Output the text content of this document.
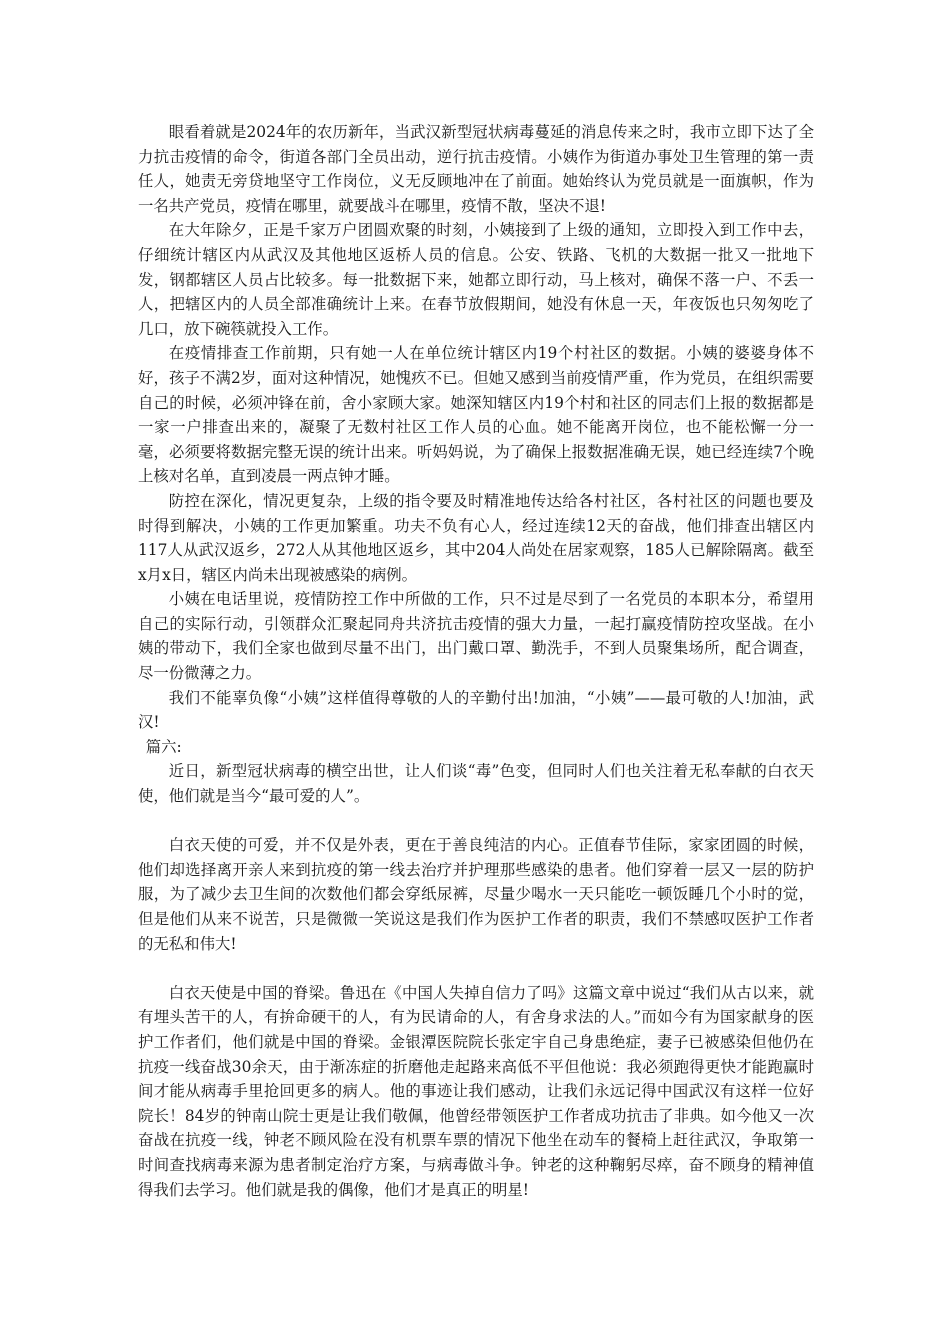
眼看着就是2024年的农历新年，当武汉新型冠状病毒蔓延的消息传来之时，我市立即下达了全力抗击疫情的命令，街道各部门全员出动，逆行抗击疫情。小姨作为街道办事处卫生管理的第一责任人，她责无旁贷地坚守工作岗位，义无反顾地冲在了前面。她始终认为党员就是一面旗帜，作为一名共产党员，疫情在哪里，就要战斗在哪里，疫情不散，坚决不退!

在大年除夕，正是千家万户团圆欢聚的时刻，小姨接到了上级的通知，立即投入到工作中去，仔细统计辖区内从武汉及其他地区返桥人员的信息。公安、铁路、飞机的大数据一批又一批地下发，钢都辖区人员占比较多。每一批数据下来，她都立即行动，马上核对，确保不落一户、不丢一人，把辖区内的人员全部准确统计上来。在春节放假期间，她没有休息一天，年夜饭也只匆匆吃了几口，放下碗筷就投入工作。

在疫情排查工作前期，只有她一人在单位统计辖区内19个村社区的数据。小姨的婆婆身体不好，孩子不满2岁，面对这种情况，她愧疚不已。但她又感到当前疫情严重，作为党员，在组织需要自己的时候，必须冲锋在前，舍小家顾大家。她深知辖区内19个村和社区的同志们上报的数据都是一家一户排查出来的，凝聚了无数村社区工作人员的心血。她不能离开岗位，也不能松懈一分一毫，必须要将数据完整无误的统计出来。听妈妈说，为了确保上报数据准确无误，她已经连续7个晚上核对名单，直到凌晨一两点钟才睡。

防控在深化，情况更复杂，上级的指令要及时精准地传达给各村社区，各村社区的问题也要及时得到解决，小姨的工作更加繁重。功夫不负有心人，经过连续12天的奋战，他们排查出辖区内117人从武汉返乡，272人从其他地区返乡，其中204人尚处在居家观察，185人已解除隔离。截至x月x日，辖区内尚未出现被感染的病例。

小姨在电话里说，疫情防控工作中所做的工作，只不过是尽到了一名党员的本职本分，希望用自己的实际行动，引领群众汇聚起同舟共济抗击疫情的强大力量，一起打赢疫情防控攻坚战。在小姨的带动下，我们全家也做到尽量不出门，出门戴口罩、勤洗手，不到人员聚集场所，配合调查，尽一份微薄之力。

我们不能辜负像“小姨”这样值得尊敬的人的辛勤付出!加油，“小姨”——最可敬的人!加油，武汉!

篇六:

近日，新型冠状病毒的横空出世，让人们谈“毒”色变，但同时人们也关注着无私奉献的白衣天使，他们就是当今“最可爱的人”。

白衣天使的可爱，并不仅是外表，更在于善良纯洁的内心。正值春节佳际，家家团圆的时候，他们却选择离开亲人来到抗疫的第一线去治疗并护理那些感染的患者。他们穿着一层又一层的防护服，为了减少去卫生间的次数他们都会穿纸尿裤，尽量少喝水一天只能吃一顿饭睡几个小时的觉，但是他们从来不说苦，只是微微一笑说这是我们作为医护工作者的职责，我们不禁感叹医护工作者的无私和伟大!

白衣天使是中国的脊梁。鲁迅在《中国人失掉自信力了吗》这篇文章中说过“我们从古以来，就有埋头苦干的人，有拚命硬干的人，有为民请命的人，有舍身求法的人。”而如今有为国家献身的医护工作者们，他们就是中国的脊梁。金银潭医院院长张定宇自己身患绝症，妻子已被感染但他仍在抗疫一线奋战30余天，由于渐冻症的折磨他走起路来高低不平但他说：我必须跑得更快才能跑赢时间才能从病毒手里抢回更多的病人。他的事迹让我们感动，让我们永远记得中国武汉有这样一位好院长！84岁的钟南山院士更是让我们敬佩，他曾经带领医护工作者成功抗击了非典。如今他又一次奋战在抗疫一线，钟老不顾风险在没有机票车票的情况下他坐在动车的餐椅上赶往武汉，争取第一时间查找病毒来源为患者制定治疗方案，与病毒做斗争。钟老的这种鞠躬尽瘁，奋不顾身的精神值得我们去学习。他们就是我的偶像，他们才是真正的明星!
